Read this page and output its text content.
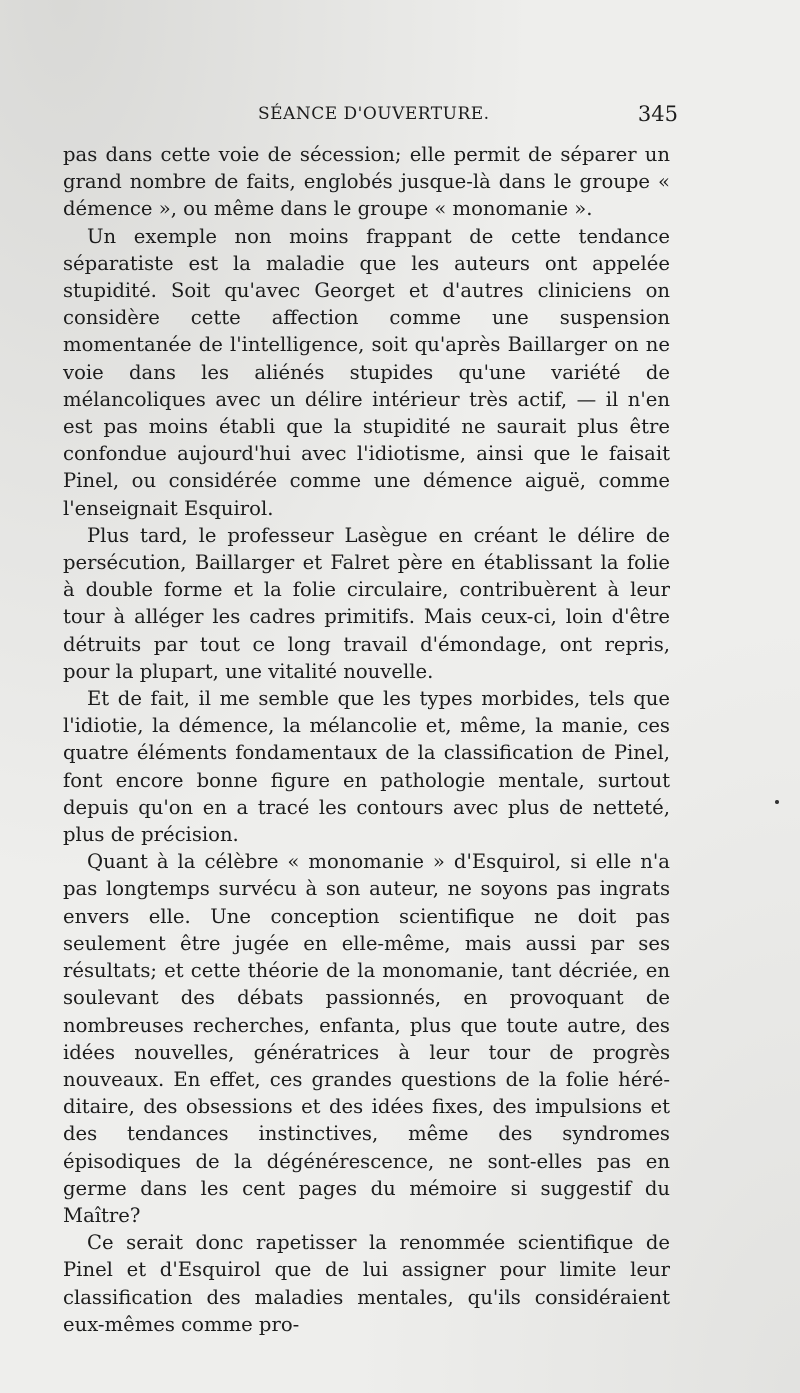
SÉANCE D'OUVERTURE.	345

pas dans cette voie de sécession; elle permit de séparer un grand nombre de faits, englobés jusque-là dans le groupe « démence », ou même dans le groupe « monomanie ».

Un exemple non moins frappant de cette tendance séparatiste est la maladie que les auteurs ont appelée stupidité. Soit qu'avec Georget et d'autres cliniciens on considère cette affection comme une suspension momentanée de l'intelligence, soit qu'après Baillarger on ne voie dans les aliénés stupides qu'une variété de mélancoliques avec un délire intérieur très actif, — il n'en est pas moins établi que la stupidité ne saurait plus être confondue aujourd'hui avec l'idiotisme, ainsi que le faisait Pinel, ou considérée comme une démence aiguë, comme l'enseignait Esquirol.

Plus tard, le professeur Lasègue en créant le délire de persécution, Baillarger et Falret père en établissant la folie à double forme et la folie circulaire, contribuèrent à leur tour à alléger les cadres primitifs. Mais ceux-ci, loin d'être détruits par tout ce long travail d'émondage, ont repris, pour la plupart, une vitalité nouvelle.

Et de fait, il me semble que les types morbides, tels que l'idiotie, la démence, la mélancolie et, même, la manie, ces quatre éléments fondamentaux de la classification de Pinel, font encore bonne figure en pathologie mentale, surtout depuis qu'on en a tracé les contours avec plus de netteté, plus de précision.

Quant à la célèbre « monomanie » d'Esquirol, si elle n'a pas longtemps survécu à son auteur, ne soyons pas ingrats envers elle. Une conception scientifique ne doit pas seulement être jugée en elle-même, mais aussi par ses résultats; et cette théorie de la monomanie, tant décriée, en soulevant des débats passionnés, en provoquant de nombreuses recherches, enfanta, plus que toute autre, des idées nouvelles, génératrices à leur tour de progrès nouveaux. En effet, ces grandes questions de la folie héréditaire, des obsessions et des idées fixes, des impulsions et des tendances instinctives, même des syndromes épisodiques de la dégénérescence, ne sont-elles pas en germe dans les cent pages du mémoire si suggestif du Maître?

Ce serait donc rapetisser la renommée scientifique de Pinel et d'Esquirol que de lui assigner pour limite leur classification des maladies mentales, qu'ils considéraient eux-mêmes comme pro-
